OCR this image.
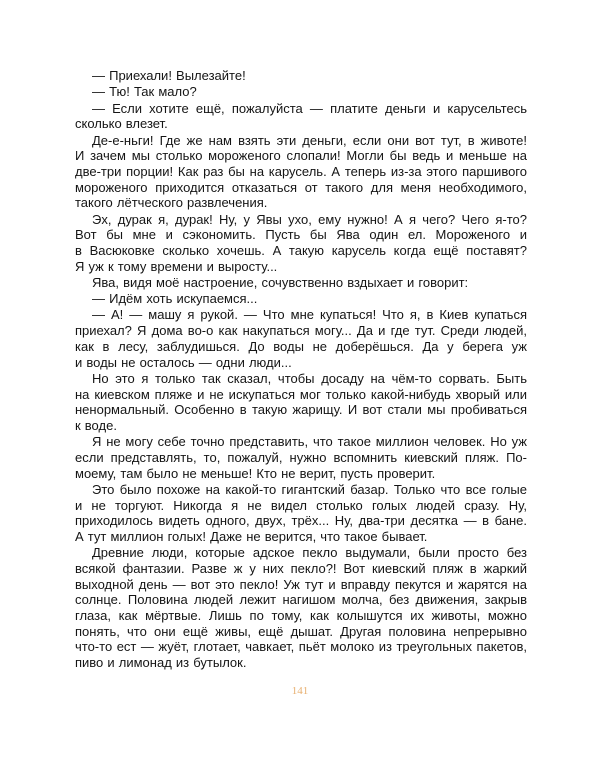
— Приехали! Вылезайте!
— Тю! Так мало?
— Если хотите ещё, пожалуйста — платите деньги и карусельтесь
сколько влезет.
Де-е-ньги! Где же нам взять эти деньги, если они вот тут, в животе!
И зачем мы столько мороженого слопали! Могли бы ведь и меньше на
две-три порции! Как раз бы на карусель. А теперь из-за этого паршивого
мороженого приходится отказаться от такого для меня необходимого,
такого лётческого развлечения.
Эх, дурак я, дурак! Ну, у Явы ухо, ему нужно! А я чего? Чего я-то?
Вот бы мне и сэкономить. Пусть бы Ява один ел. Мороженого и
в Васюковке сколько хочешь. А такую карусель когда ещё поставят?
Я уж к тому времени и выросту...
Ява, видя моё настроение, сочувственно вздыхает и говорит:
— Идём хоть искупаемся...
— А! — машу я рукой. — Что мне купаться! Что я, в Киев купаться
приехал? Я дома во-о как накупаться могу... Да и где тут. Среди людей,
как в лесу, заблудишься. До воды не доберёшься. Да у берега уж
и воды не осталось — одни люди...
Но это я только так сказал, чтобы досаду на чём-то сорвать. Быть
на киевском пляже и не искупаться мог только какой-нибудь хворый или
ненормальный. Особенно в такую жарищу. И вот стали мы пробиваться
к воде.
Я не могу себе точно представить, что такое миллион человек. Но уж
если представлять, то, пожалуй, нужно вспомнить киевский пляж. По-
моему, там было не меньше! Кто не верит, пусть проверит.
Это было похоже на какой-то гигантский базар. Только что все голые
и не торгуют. Никогда я не видел столько голых людей сразу. Ну,
приходилось видеть одного, двух, трёх... Ну, два-три десятка — в бане.
А тут миллион голых! Даже не верится, что такое бывает.
Древние люди, которые адское пекло выдумали, были просто без
всякой фантазии. Разве ж у них пекло?! Вот киевский пляж в жаркий
выходной день — вот это пекло! Уж тут и вправду пекутся и жарятся на
солнце. Половина людей лежит нагишом молча, без движения, закрыв
глаза, как мёртвые. Лишь по тому, как колышутся их животы, можно
понять, что они ещё живы, ещё дышат. Другая половина непрерывно
что-то ест — жуёт, глотает, чавкает, пьёт молоко из треугольных пакетов,
пиво и лимонад из бутылок.
141
